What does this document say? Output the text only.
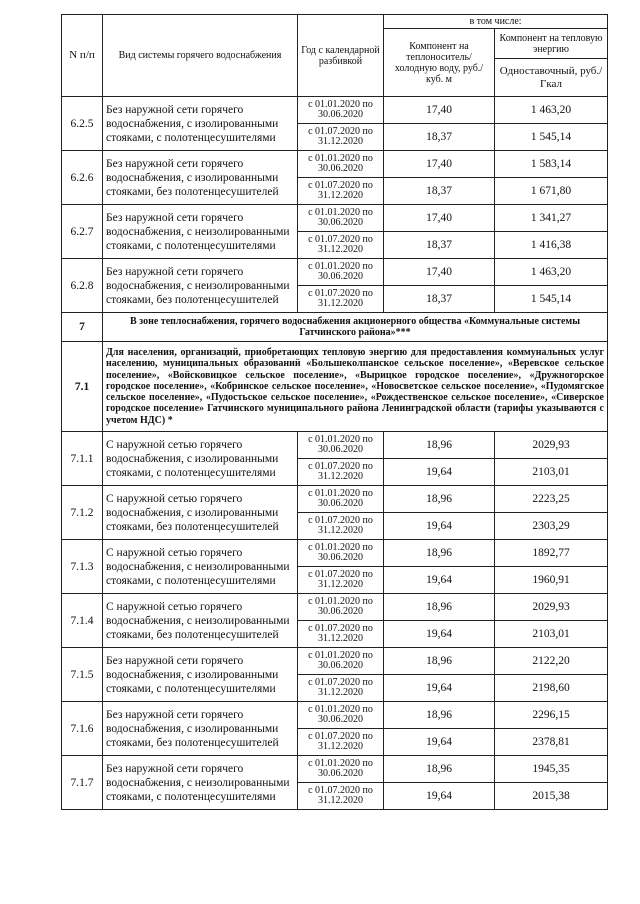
N п/п	Вид системы горячего водоснабжения	Год с календарной разбивкой	в том числе:	
			Компонент на теплоноситель/ холодную воду, руб./куб. м	Компонент на тепловую энергию
				Одноставочный, руб./Гкал
6.2.5	Без наружной сети горячего водоснабжения, с изолированными стояками, с полотенцесушителями	с 01.01.2020 по 30.06.2020	17,40	1 463,20
		с 01.07.2020 по 31.12.2020	18,37	1 545,14
6.2.6	Без наружной сети горячего водоснабжения, с изолированными стояками, без полотенцесушителей	с 01.01.2020 по 30.06.2020	17,40	1 583,14
		с 01.07.2020 по 31.12.2020	18,37	1 671,80
6.2.7	Без наружной сети горячего водоснабжения, с неизолированными стояками, с полотенцесушителями	с 01.01.2020 по 30.06.2020	17,40	1 341,27
		с 01.07.2020 по 31.12.2020	18,37	1 416,38
6.2.8	Без наружной сети горячего водоснабжения, с неизолированными стояками, без полотенцесушителей	с 01.01.2020 по 30.06.2020	17,40	1 463,20
		с 01.07.2020 по 31.12.2020	18,37	1 545,14
7	В зоне теплоснабжения, горячего водоснабжения акционерного общества «Коммунальные системы Гатчинского района»***			
7.1	Для населения, организаций, приобретающих тепловую энергию для предоставления коммунальных услуг населению, муниципальных образований «Большеколпанское сельское поселение», «Веревское сельское поселение», «Войсковицкое сельское поселение», «Вырицкое городское поселение», «Дружногорское городское поселение», «Кобринское сельское поселение», «Новосветское сельское поселение», «Пудомягское сельское поселение», «Пудостьское сельское поселение», «Рождественское сельское поселение», «Сиверское городское поселение» Гатчинского муниципального района Ленинградской области (тарифы указываются с учетом НДС) *			
7.1.1	С наружной сетью горячего водоснабжения, с изолированными стояками, с полотенцесушителями	с 01.01.2020 по 30.06.2020	18,96	2029,93
		с 01.07.2020 по 31.12.2020	19,64	2103,01
7.1.2	С наружной сетью горячего водоснабжения, с изолированными стояками, без полотенцесушителей	с 01.01.2020 по 30.06.2020	18,96	2223,25
		с 01.07.2020 по 31.12.2020	19,64	2303,29
7.1.3	С наружной сетью горячего водоснабжения, с неизолированными стояками, с полотенцесушителями	с 01.01.2020 по 30.06.2020	18,96	1892,77
		с 01.07.2020 по 31.12.2020	19,64	1960,91
7.1.4	С наружной сетью горячего водоснабжения, с неизолированными стояками, без полотенцесушителей	с 01.01.2020 по 30.06.2020	18,96	2029,93
		с 01.07.2020 по 31.12.2020	19,64	2103,01
7.1.5	Без наружной сети горячего водоснабжения, с изолированными стояками, с полотенцесушителями	с 01.01.2020 по 30.06.2020	18,96	2122,20
		с 01.07.2020 по 31.12.2020	19,64	2198,60
7.1.6	Без наружной сети горячего водоснабжения, с изолированными стояками, без полотенцесушителей	с 01.01.2020 по 30.06.2020	18,96	2296,15
		с 01.07.2020 по 31.12.2020	19,64	2378,81
7.1.7	Без наружной сети горячего водоснабжения, с неизолированными стояками, с полотенцесушителями	с 01.01.2020 по 30.06.2020	18,96	1945,35
		с 01.07.2020 по 31.12.2020	19,64	2015,38
